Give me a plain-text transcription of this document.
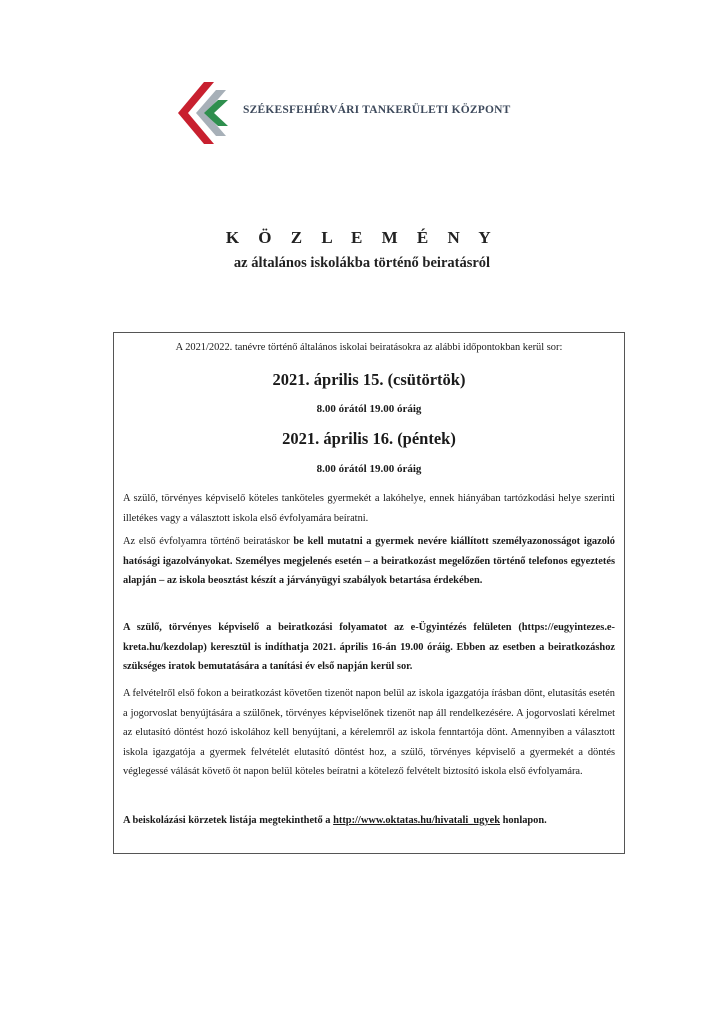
SZÉKESFEHÉRVÁRI TANKERÜLETI KÖZPONT
K Ö Z L E M É N Y
az általános iskolákba történő beiratásról
A 2021/2022. tanévre történő általános iskolai beiratásokra az alábbi időpontokban kerül sor:
2021. április 15. (csütörtök)
8.00 órától 19.00 óráig
2021. április 16. (péntek)
8.00 órától 19.00 óráig
A szülő, törvényes képviselő köteles tanköteles gyermekét a lakóhelye, ennek hiányában tartózkodási helye szerinti illetékes vagy a választott iskola első évfolyamára beíratni.
Az első évfolyamra történő beiratáskor be kell mutatni a gyermek nevére kiállított személyazonosságot igazoló hatósági igazolványokat. Személyes megjelenés esetén – a beiratkozást megelőzően történő telefonos egyeztetés alapján – az iskola beosztást készít a járványügyi szabályok betartása érdekében.
A szülő, törvényes képviselő a beiratkozási folyamatot az e-Ügyintézés felületen (https://eugyintezes.e-kreta.hu/kezdolap) keresztül is indíthatja 2021. április 16-án 19.00 óráig. Ebben az esetben a beiratkozáshoz szükséges iratok bemutatására a tanítási év első napján kerül sor.
A felvételről első fokon a beiratkozást követően tizenöt napon belül az iskola igazgatója írásban dönt, elutasítás esetén a jogorvoslat benyújtására a szülőnek, törvényes képviselőnek tizenöt nap áll rendelkezésére. A jogorvoslati kérelmet az elutasító döntést hozó iskolához kell benyújtani, a kérelemről az iskola fenntartója dönt. Amennyiben a választott iskola igazgatója a gyermek felvételét elutasító döntést hoz, a szülő, törvényes képviselő a gyermekét a döntés véglegessé válását követő öt napon belül köteles beíratni a kötelező felvételt biztosító iskola első évfolyamára.
A beiskolázási körzetek listája megtekinthető a http://www.oktatas.hu/hivatali_ugyek honlapon.
